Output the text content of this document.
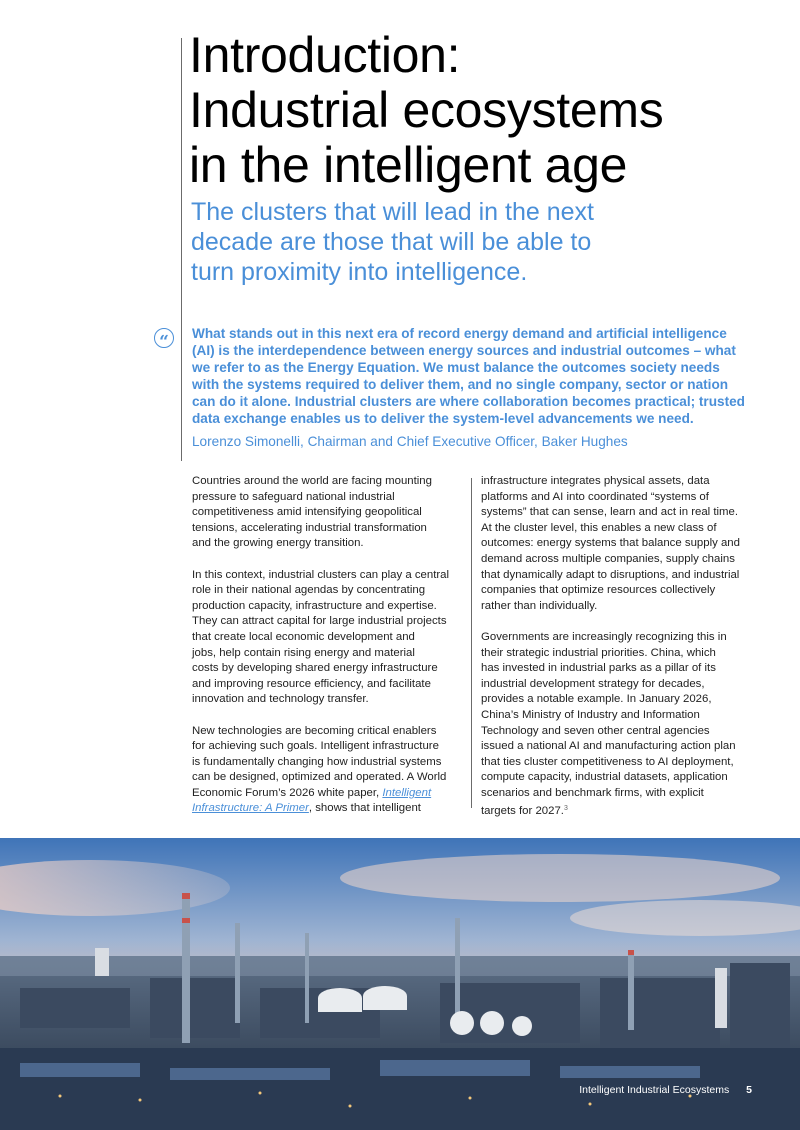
Introduction:
Industrial ecosystems
in the intelligent age

The clusters that will lead in the next
decade are those that will be able to
turn proximity into intelligence.

“	What stands out in this next era of record energy demand and artificial intelligence
(AI) is the interdependence between energy sources and industrial outcomes – what
we refer to as the Energy Equation. We must balance the outcomes society needs
with the systems required to deliver them, and no single company, sector or nation
can do it alone. Industrial clusters are where collaboration becomes practical; trusted
data exchange enables us to deliver the system-level advancements we need.

Lorenzo Simonelli, Chairman and Chief Executive Officer, Baker Hughes

Countries around the world are facing mounting
pressure to safeguard national industrial
competitiveness amid intensifying geopolitical
tensions, accelerating industrial transformation
and the growing energy transition.
In this context, industrial clusters can play a central
role in their national agendas by concentrating
production capacity, infrastructure and expertise.
They can attract capital for large industrial projects
that create local economic development and
jobs, help contain rising energy and material
costs by developing shared energy infrastructure
and improving resource efficiency, and facilitate
innovation and technology transfer.
New technologies are becoming critical enablers
for achieving such goals. Intelligent infrastructure
is fundamentally changing how industrial systems
can be designed, optimized and operated. A World
Economic Forum’s 2026 white paper, Intelligent
Infrastructure: A Primer, shows that intelligent
infrastructure integrates physical assets, data
platforms and AI into coordinated “systems of
systems” that can sense, learn and act in real time.
At the cluster level, this enables a new class of
outcomes: energy systems that balance supply and
demand across multiple companies, supply chains
that dynamically adapt to disruptions, and industrial
companies that optimize resources collectively
rather than individually.
Governments are increasingly recognizing this in
their strategic industrial priorities. China, which
has invested in industrial parks as a pillar of its
industrial development strategy for decades,
provides a notable example. In January 2026,
China’s Ministry of Industry and Information
Technology and seven other central agencies
issued a national AI and manufacturing action plan
that ties cluster competitiveness to AI deployment,
compute capacity, industrial datasets, application
scenarios and benchmark firms, with explicit
targets for 2027.$^3$
Intelligent Industrial Ecosystems 5
